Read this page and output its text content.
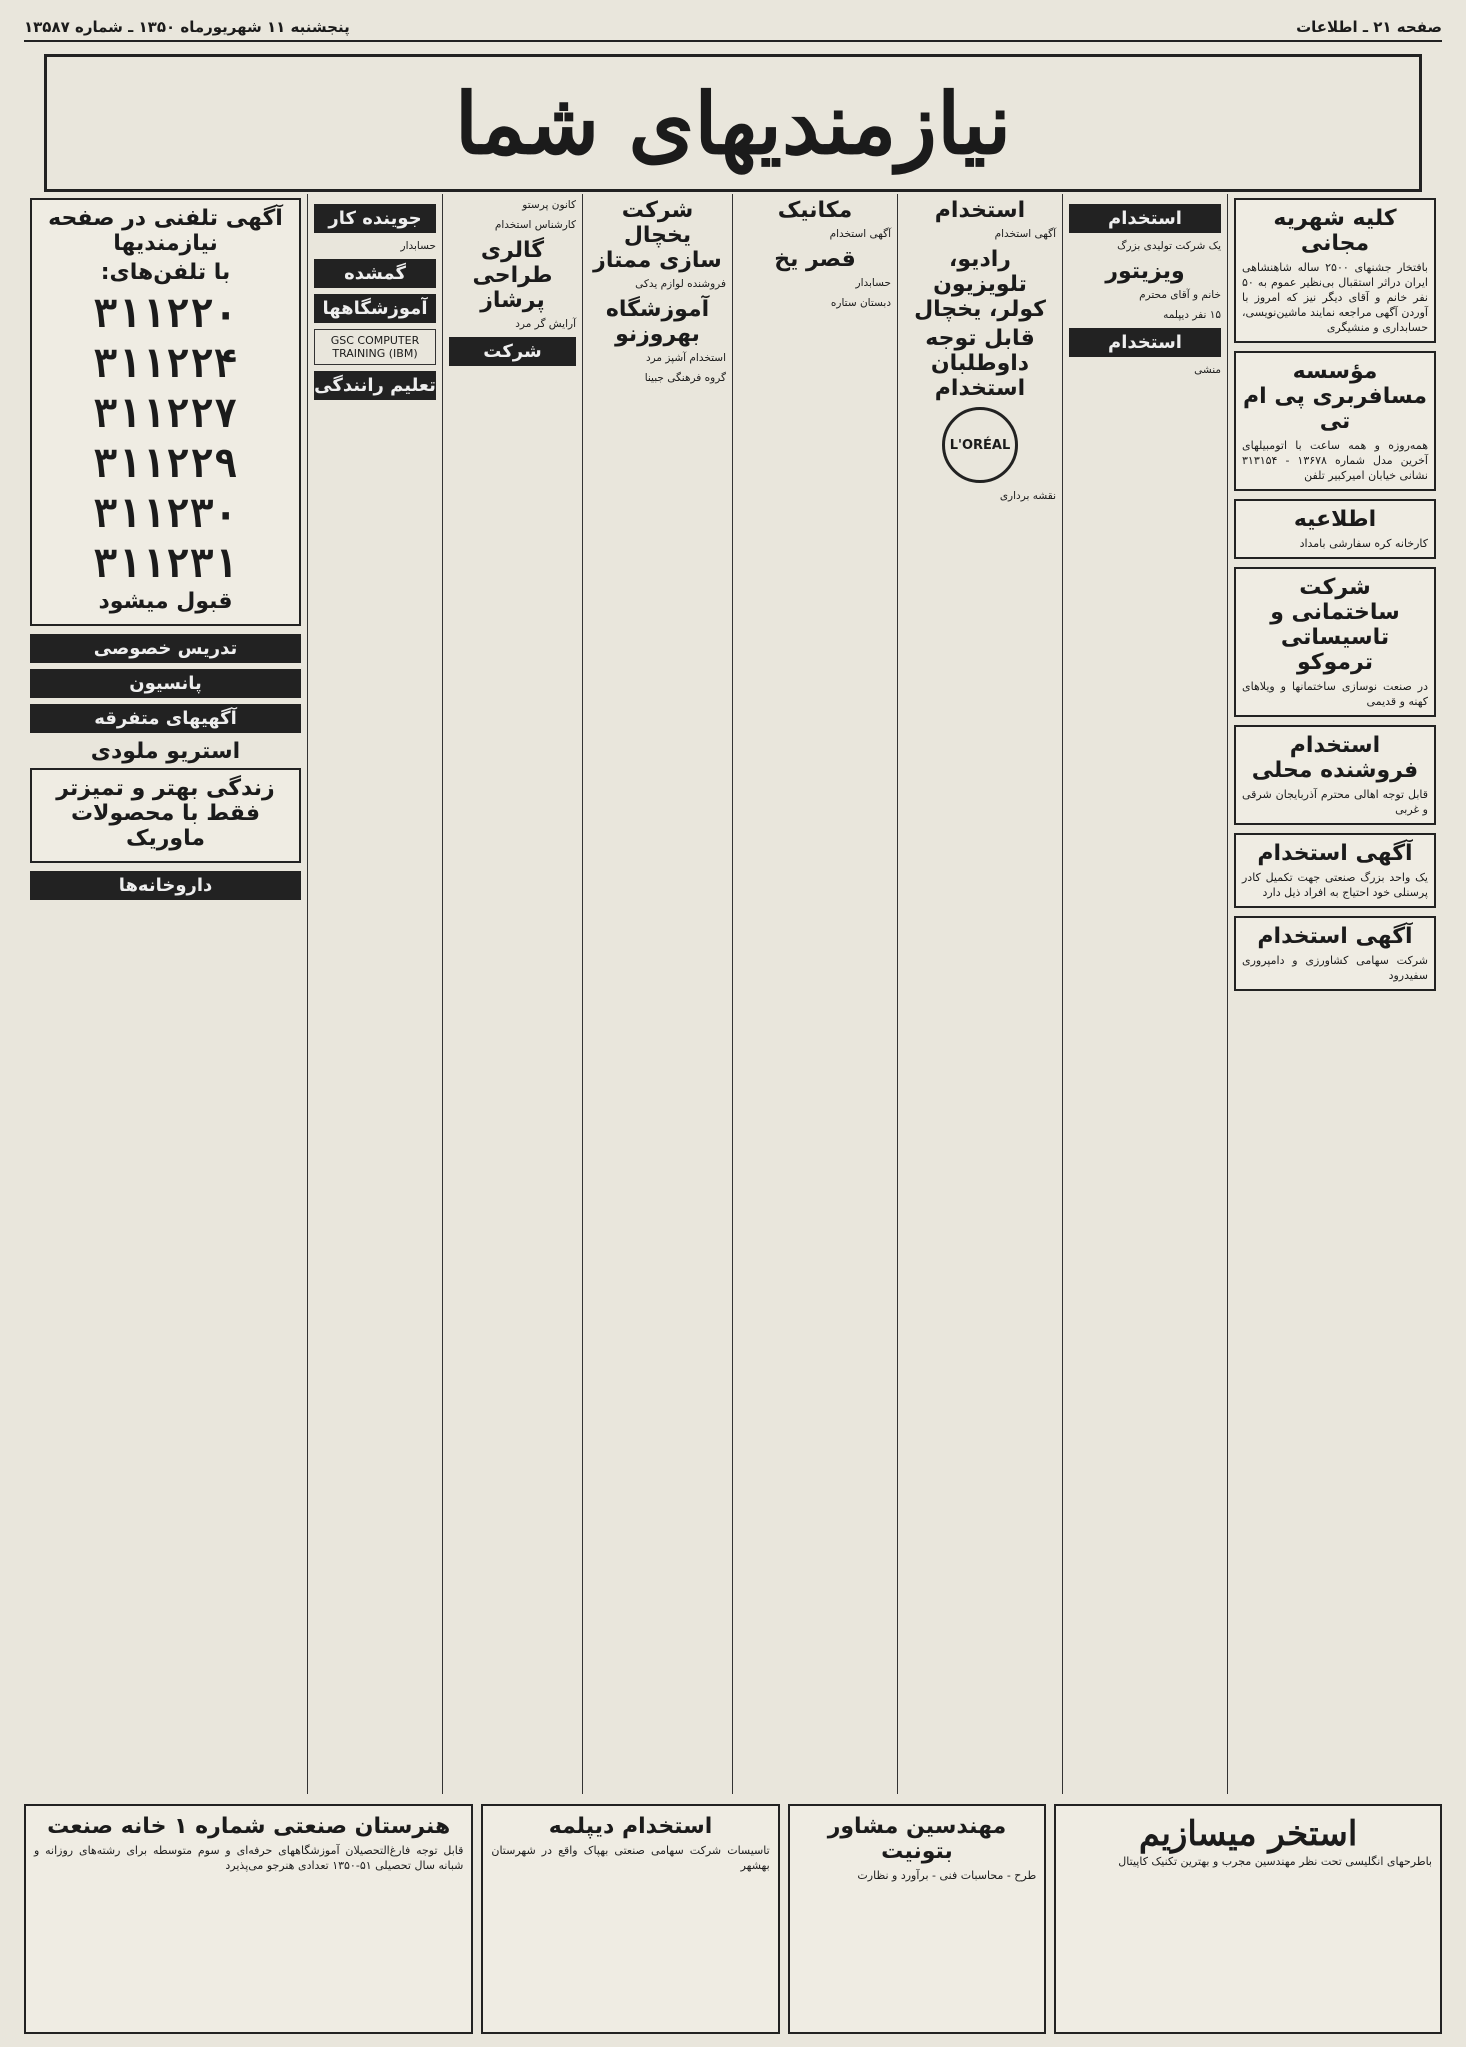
صفحه ۲۱ ـ اطلاعات
پنجشنبه ۱۱ شهریورماه ۱۳۵۰ ـ شماره ۱۳۵۸۷
نیازمندیهای شما
کلیه شهریه مجانی
بافتخار جشنهای ۲۵۰۰ ساله شاهنشاهی ایران دراثر استقبال بی‌نظیر عموم به ۵۰ نفر خانم و آقای دیگر نیز که امروز با آوردن آگهی مراجعه نمایند ماشین‌نویسی، حسابداری و منشیگری
مؤسسه مسافربری پی ام تی
همه‌روزه و همه ساعت با اتومبیلهای آخرین مدل شماره ۱۳۶۷۸ - ۳۱۳۱۵۴ نشانی خیابان امیرکبیر تلفن
اطلاعیه
کارخانه کره سفارشی بامداد
شرکت ساختمانی و تاسیساتی ترموکو
در صنعت نوسازی ساختمانها و ویلاهای کهنه و قدیمی
استخدام فروشنده محلی
قابل توجه اهالی محترم آذربایجان شرقی و غربی
آگهی استخدام
یک واحد بزرگ صنعتی جهت تکمیل کادر پرسنلی خود احتیاج به افراد ذیل دارد
آگهی استخدام
شرکت سهامی کشاورزی و دامپروری سفیدرود
استخدام

یک شرکت تولیدی بزرگ

ویزیتور

خانم و آقای محترم

۱۵ نفر دیپلمه

استخدام

منشی

استخدام

آگهی استخدام

رادیو، تلویزیون کولر، یخچال
قابل توجه داوطلبان استخدام
L'ORÉAL

نقشه برداری

مکانیک

آگهی استخدام

قصر یخ

حسابدار

دبستان ستاره

شرکت یخچال سازی ممتاز

فروشنده لوازم یدکی

آموزشگاه بهروزنو

استخدام آشپز مرد

گروه فرهنگی جبینا

کانون پرستو

کارشناس استخدام

گالری طراحی پرشاز

آرایش گر مرد

شرکت
جوینده کار

حسابدار

گمشده
آموزشگاهها
GSC COMPUTER TRAINING (IBM)
تعلیم رانندگی
آگهی تلفنی در صفحه نیازمندیها
با تلفن‌های:
۳۱۱۲۲۰
۳۱۱۲۲۴
۳۱۱۲۲۷
۳۱۱۲۲۹
۳۱۱۲۳۰
۳۱۱۲۳۱
قبول میشود
تدریس خصوصی
پانسیون
آگهیهای متفرقه
استریو ملودی
زندگی بهتر و تمیزتر فقط با محصولات ماوریک
داروخانه‌ها
استخر میسازیم
باطرحهای انگلیسی تحت نظر مهندسین مجرب و بهترین تکنیک کاپیتال
مهندسین مشاور بتونیت
طرح - محاسبات فنی - برآورد و نظارت
استخدام دیپلمه
تاسیسات شرکت سهامی صنعتی بهپاک واقع در شهرستان بهشهر
هنرستان صنعتی شماره ۱ خانه صنعت
قابل توجه فارغ‌التحصیلان آموزشگاههای حرفه‌ای و سوم متوسطه برای رشته‌های روزانه و شبانه سال تحصیلی ۵۱-۱۳۵۰ تعدادی هنرجو می‌پذیرد
